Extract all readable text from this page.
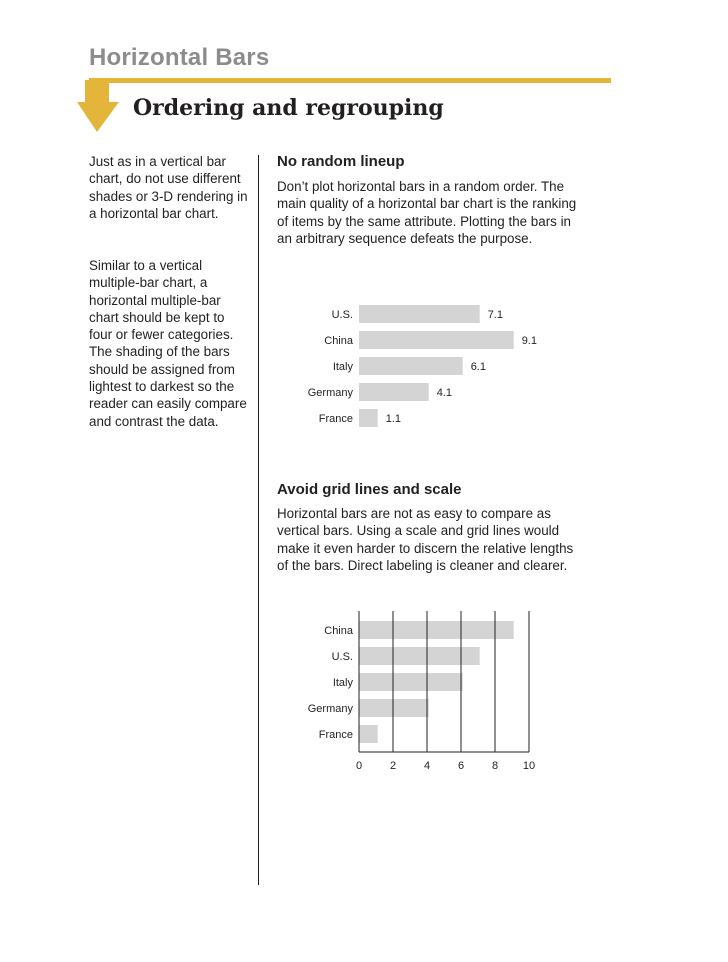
Horizontal Bars
Ordering and regrouping
Just as in a vertical bar chart, do not use different shades or 3-D rendering in a horizontal bar chart.
Similar to a vertical multiple-bar chart, a horizontal multiple-bar chart should be kept to four or fewer categories. The shading of the bars should be assigned from lightest to darkest so the reader can easily compare and contrast the data.
No random lineup
Don’t plot horizontal bars in a random order. The main quality of a horizontal bar chart is the ranking of items by the same attribute. Plotting the bars in an arbitrary sequence defeats the purpose.
U.S.	7.1
China	9.1
Italy	6.1
Germany	4.1
France	1.1
Avoid grid lines and scale
Horizontal bars are not as easy to compare as vertical bars. Using a scale and grid lines would make it even harder to discern the relative lengths of the bars. Direct labeling is cleaner and clearer.
China
U.S.
Italy
Germany
France
0	2	4	6	8 10
